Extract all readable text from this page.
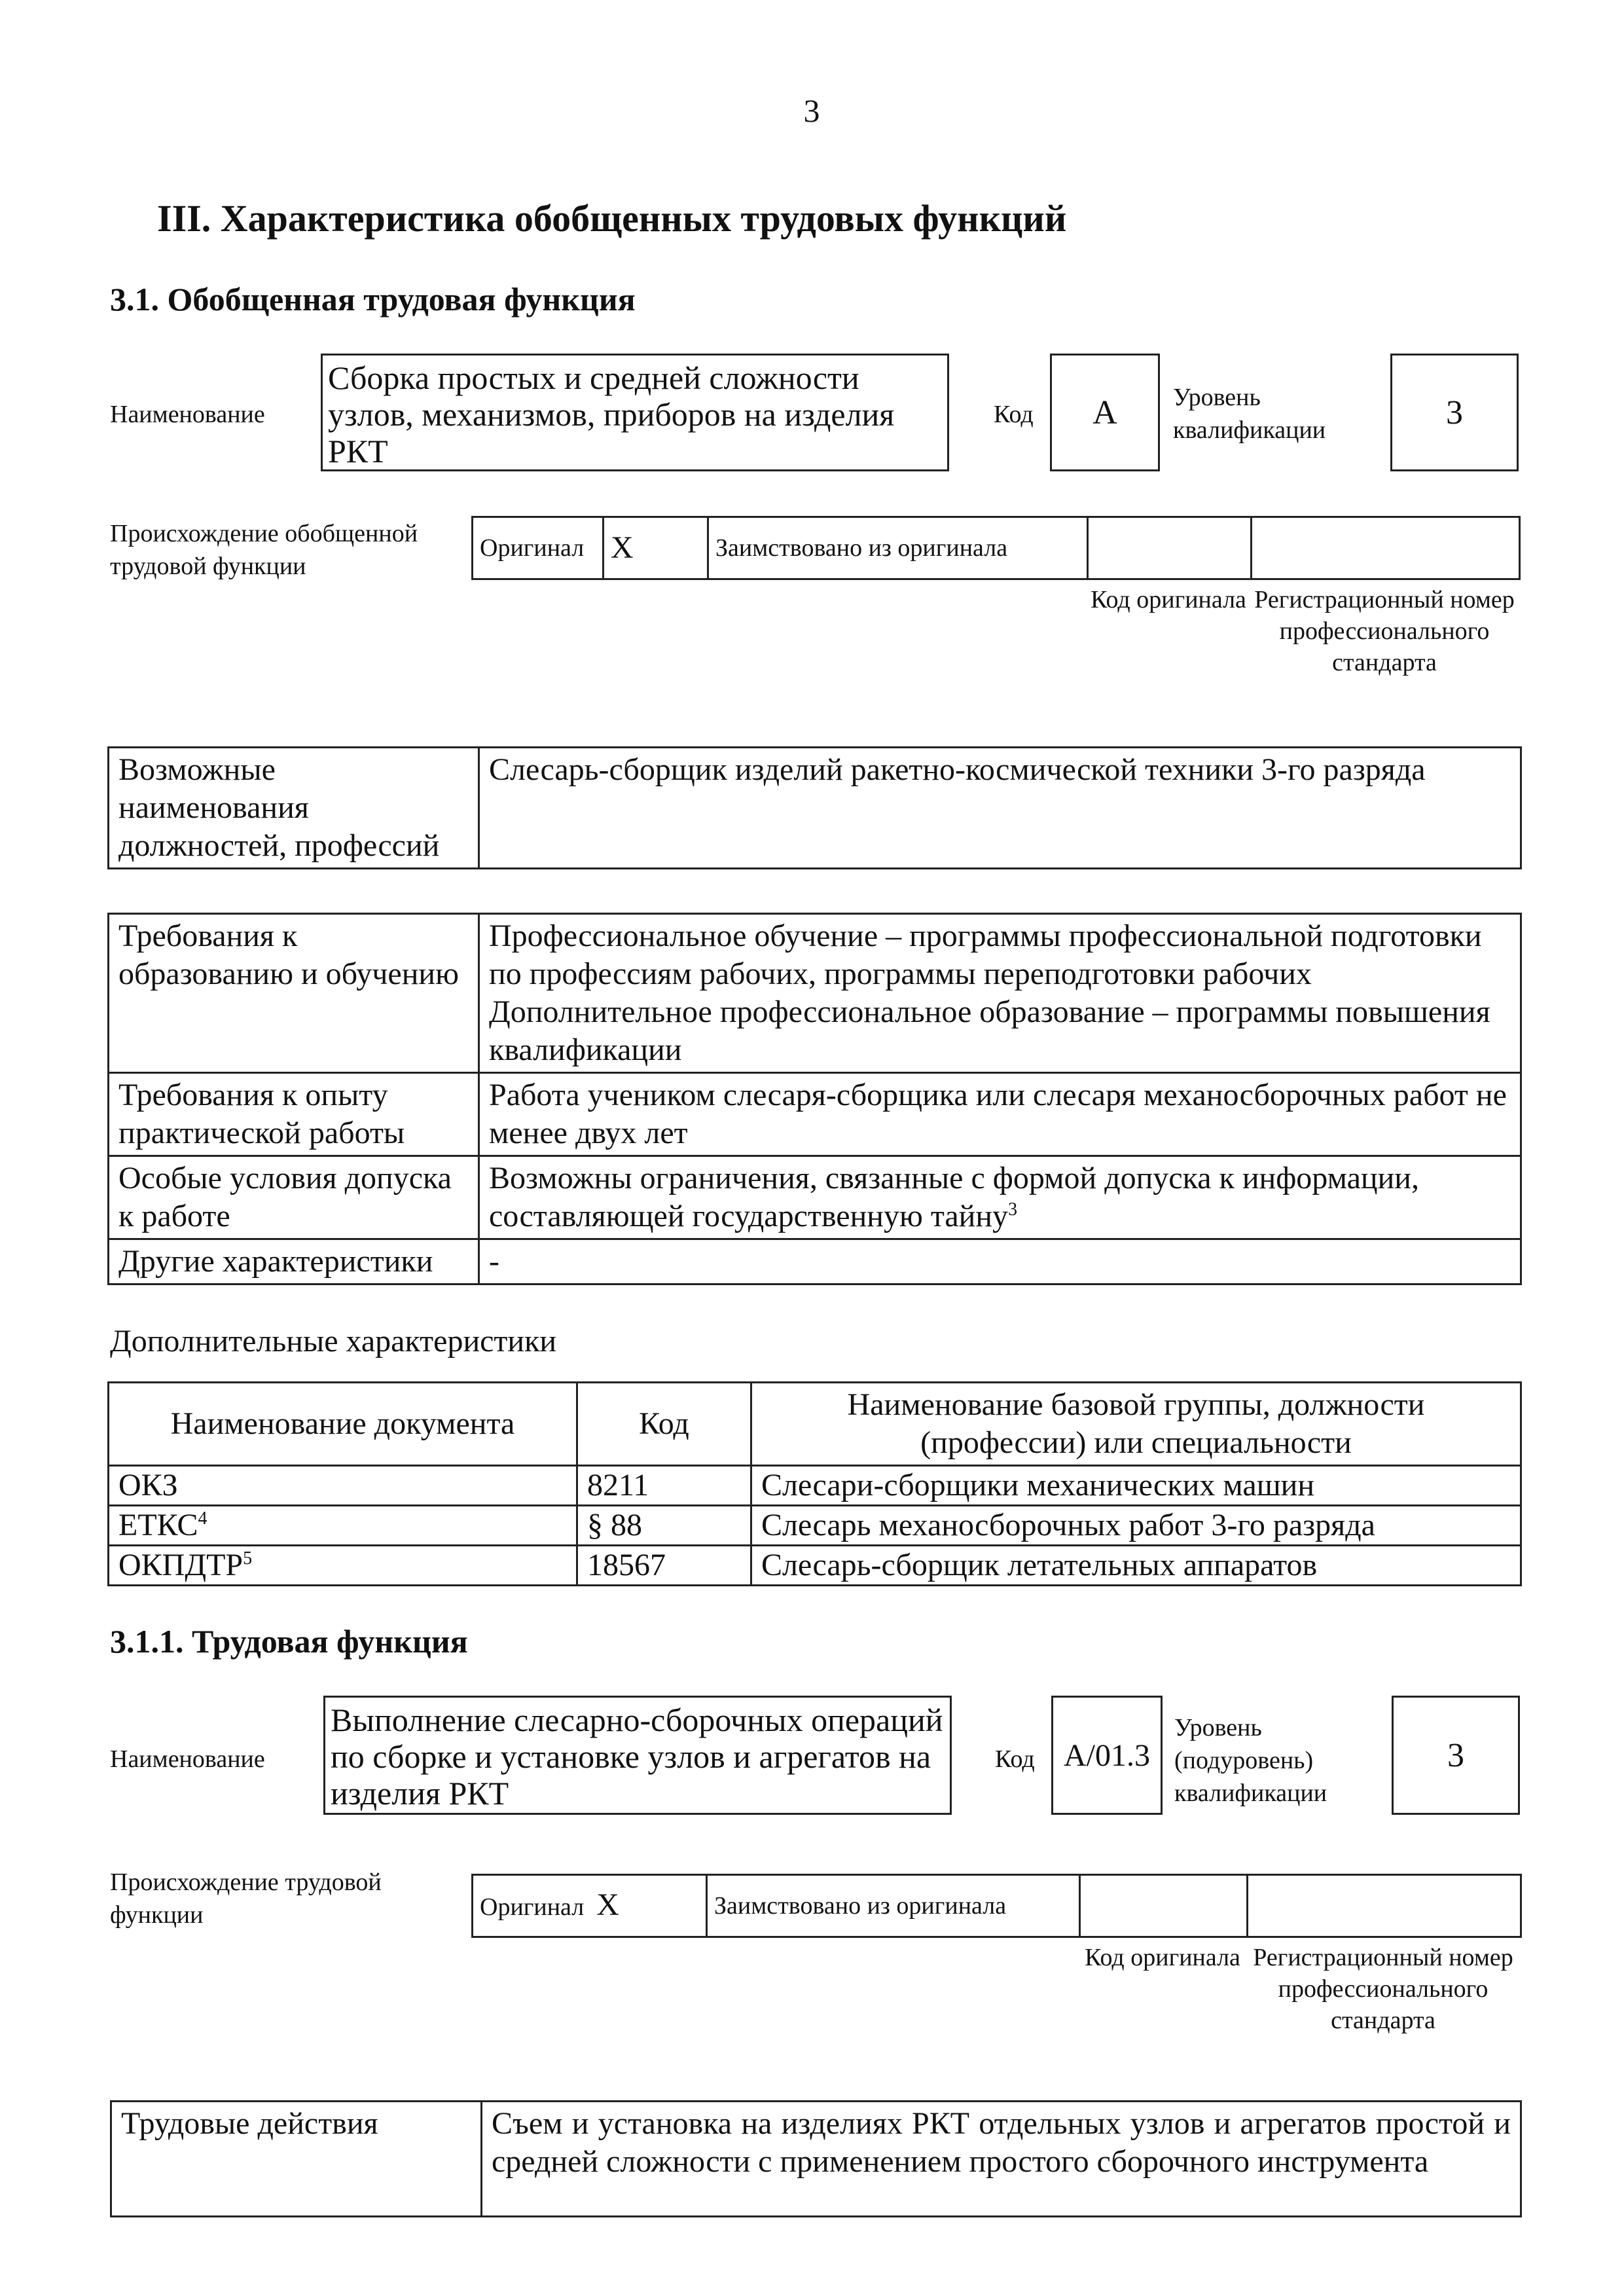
3
III. Характеристика обобщенных трудовых функций
3.1. Обобщенная трудовая функция
Наименование
Сборка простых и средней сложности узлов, механизмов, приборов на изделия РКТ
Код	A	Уровень квалификации	3
Происхождение обобщенной трудовой функции
Оригинал	X	Заимствовано из оригинала		
Код оригинала Регистрационный номер профессионального стандарта
Возможные наименования должностей, профессий	Слесарь-сборщик изделий ракетно-космической техники 3-го разряда
Требования к образованию и обучению	Профессиональное обучение – программы профессиональной подготовки по профессиям рабочих, программы переподготовки рабочих
Дополнительное профессиональное образование – программы повышения квалификации

Требования к опыту практической работы	Работа учеником слесаря-сборщика или слесаря механосборочных работ не менее двух лет

Особые условия допуска к работе	Возможны ограничения, связанные с формой допуска к информации, составляющей государственную тайну$^3$
Другие характеристики	-
Дополнительные характеристики
Наименование документа	Код	Наименование базовой группы, должности (профессии) или специальности
ОКЗ	8211	Слесари-сборщики механических машин
ЕТКС$^4$	§ 88	Слесарь механосборочных работ 3-го разряда
ОКПДТР$^5$	18567	Слесарь-сборщик летательных аппаратов
3.1.1. Трудовая функция
Наименование
Выполнение слесарно-сборочных операций по сборке и установке узлов и агрегатов на изделия РКТ
Код A/01.3
Уровень (подуровень) квалификации
3
Происхождение трудовой функции	Оригинал X	Заимствовано из оригинала		
Код оригинала Регистрационный номер профессионального стандарта
Трудовые действия	Съем и установка на изделиях РКТ отдельных узлов и агрегатов простой и средней сложности с применением простого сборочного инструмента
